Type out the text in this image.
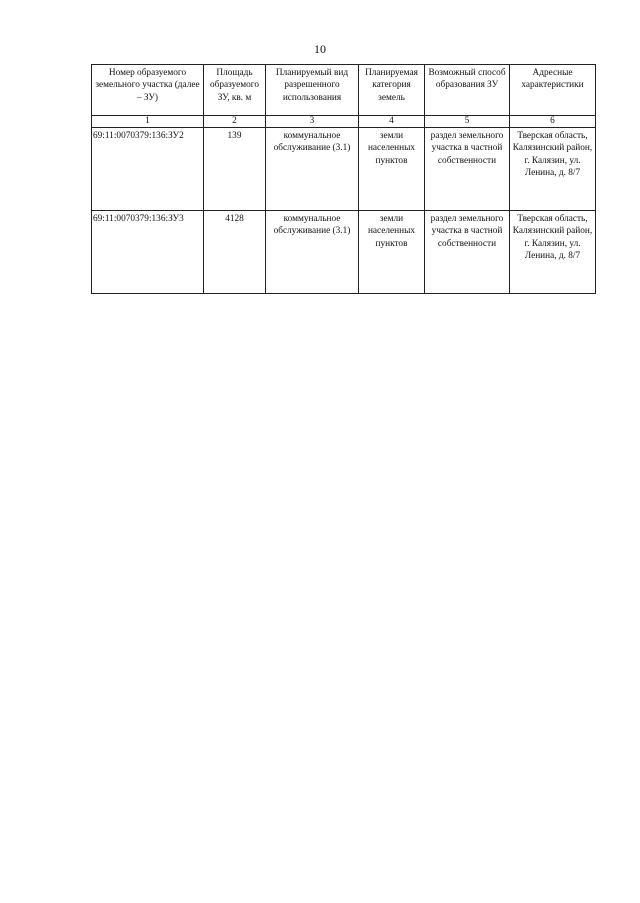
10
Номер образуемого земельного участка (далее – ЗУ)	Площадь образуемого ЗУ, кв. м	Планируемый вид разрешенного использования	Планируемая категория земель	Возможный способ образования ЗУ	Адресные характеристики
1	2	3	4	5	6
69:11:0070379:136:ЗУ2	139	коммунальное обслуживание (3.1)	земли населенных пунктов	раздел земельного участка в частной собственности	Тверская область, Калязинский район, г. Калязин, ул. Ленина, д. 8/7
69:11:0070379:136:ЗУ3	4128	коммунальное обслуживание (3.1)	земли населенных пунктов	раздел земельного участка в частной собственности	Тверская область, Калязинский район, г. Калязин, ул. Ленина, д. 8/7
